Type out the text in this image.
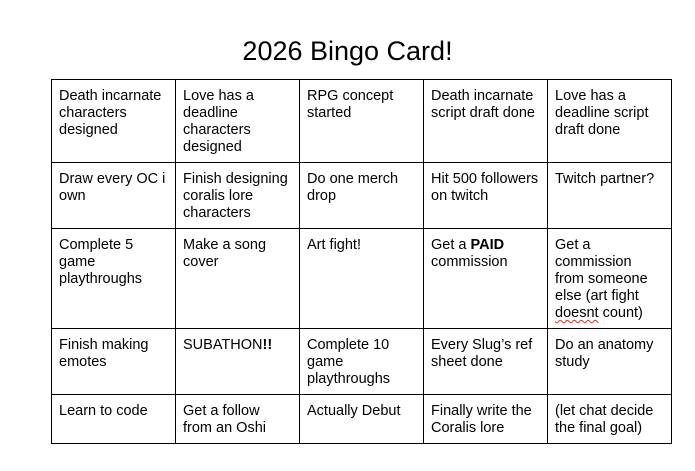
2026 Bingo Card!
Death incarnate characters designed	Love has a deadline characters designed	RPG concept started	Death incarnate script draft done	Love has a deadline script draft done
Draw every OC i own	Finish designing coralis lore characters	Do one merch drop	Hit 500 followers on twitch	Twitch partner?
Complete 5 game playthroughs	Make a song cover	Art fight!	Get a PAID commission	Get a commission from someone else (art fight doesnt count)
Finish making emotes	SUBATHON!!	Complete 10 game playthroughs	Every Slug’s ref sheet done	Do an anatomy study
Learn to code	Get a follow from an Oshi	Actually Debut	Finally write the Coralis lore	(let chat decide the final goal)
